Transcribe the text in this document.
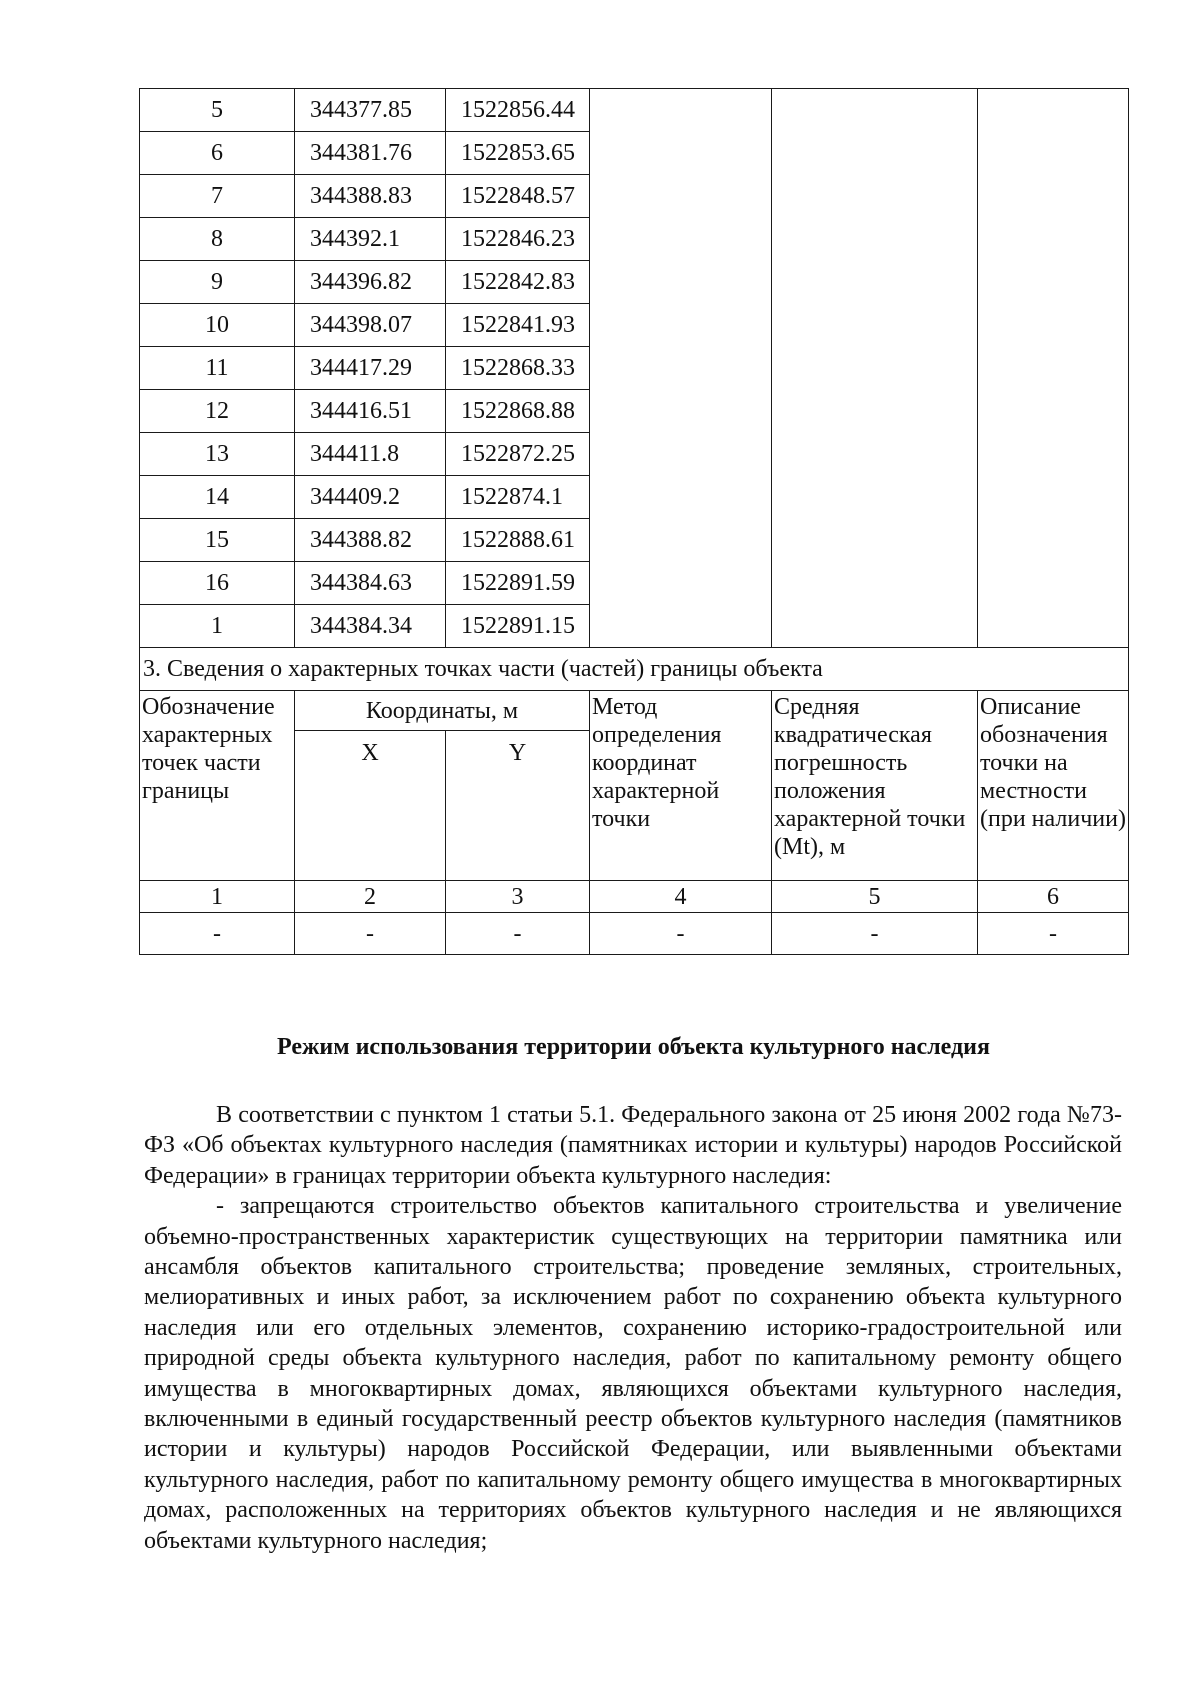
5	344377.85	1522856.44			
6	344381.76	1522853.65			
7	344388.83	1522848.57			
8	344392.1	1522846.23			
9	344396.82	1522842.83			
10	344398.07	1522841.93			
11	344417.29	1522868.33			
12	344416.51	1522868.88			
13	344411.8	1522872.25			
14	344409.2	1522874.1			
15	344388.82	1522888.61			
16	344384.63	1522891.59			
1	344384.34	1522891.15			
3. Сведения о характерных точках части (частей) границы объекта					
Обозначение характерных точек части границы	Координаты, м		Метод определения координат характерной точки	Средняя квадратическая погрешность положения характерной точки (Mt), м	Описание обозначения точки на местности (при наличии)
	X	Y			
1	2	3	4	5	6
-	-	-	-	-	-
Режим использования территории объекта культурного наследия

В соответствии с пунктом 1 статьи 5.1. Федерального закона от 25 июня 2002 года №73-ФЗ «Об объектах культурного наследия (памятниках истории и культуры) народов Российской Федерации» в границах территории объекта культурного наследия:

- запрещаются строительство объектов капитального строительства и увеличение объемно-пространственных характеристик существующих на территории памятника или ансамбля объектов капитального строительства; проведение земляных, строительных, мелиоративных и иных работ, за исключением работ по сохранению объекта культурного наследия или его отдельных элементов, сохранению историко-градостроительной или природной среды объекта культурного наследия, работ по капитальному ремонту общего имущества в многоквартирных домах, являющихся объектами культурного наследия, включенными в единый государственный реестр объектов культурного наследия (памятников истории и культуры) народов Российской Федерации, или выявленными объектами культурного наследия, работ по капитальному ремонту общего имущества в многоквартирных домах, расположенных на территориях объектов культурного наследия и не являющихся объектами культурного наследия;
